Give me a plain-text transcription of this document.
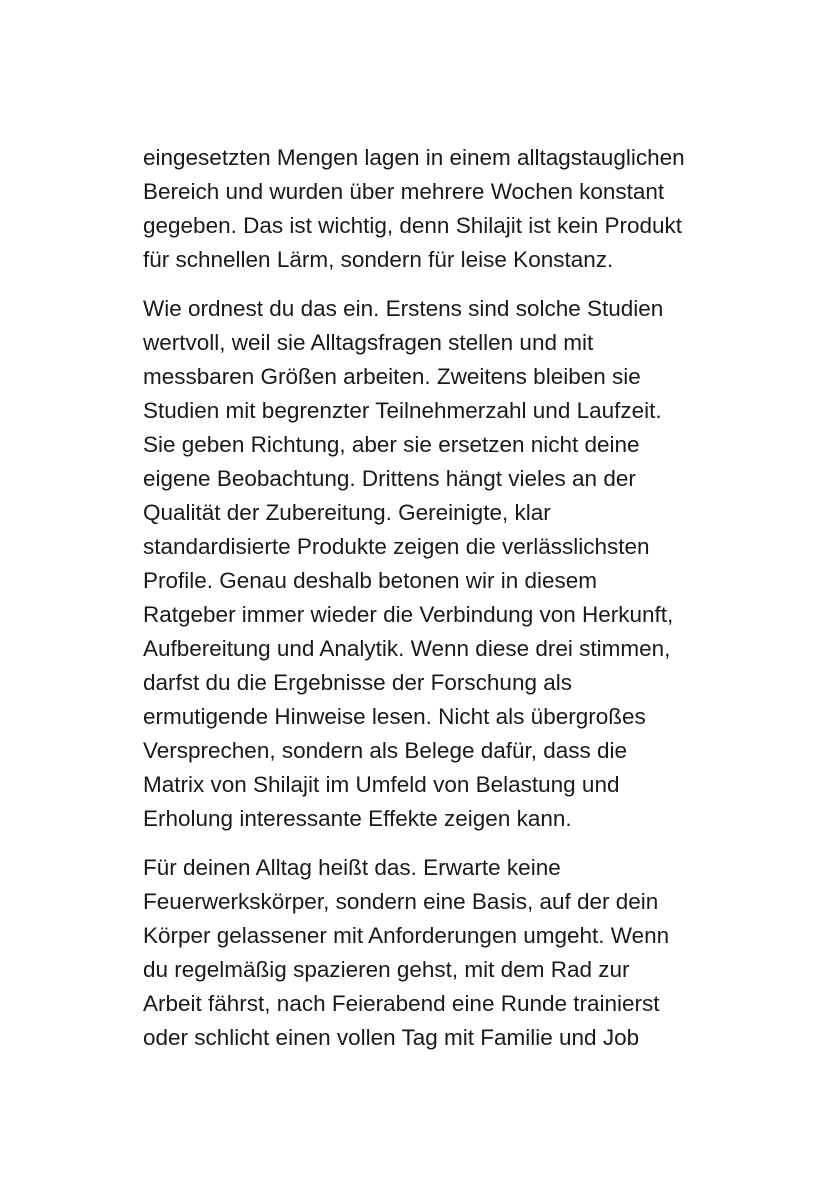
eingesetzten Mengen lagen in einem alltagstauglichen
Bereich und wurden über mehrere Wochen konstant
gegeben. Das ist wichtig, denn Shilajit ist kein Produkt
für schnellen Lärm, sondern für leise Konstanz.
Wie ordnest du das ein. Erstens sind solche Studien
wertvoll, weil sie Alltagsfragen stellen und mit
messbaren Größen arbeiten. Zweitens bleiben sie
Studien mit begrenzter Teilnehmerzahl und Laufzeit.
Sie geben Richtung, aber sie ersetzen nicht deine
eigene Beobachtung. Drittens hängt vieles an der
Qualität der Zubereitung. Gereinigte, klar
standardisierte Produkte zeigen die verlässlichsten
Profile. Genau deshalb betonen wir in diesem
Ratgeber immer wieder die Verbindung von Herkunft,
Aufbereitung und Analytik. Wenn diese drei stimmen,
darfst du die Ergebnisse der Forschung als
ermutigende Hinweise lesen. Nicht als übergroßes
Versprechen, sondern als Belege dafür, dass die
Matrix von Shilajit im Umfeld von Belastung und
Erholung interessante Effekte zeigen kann.
Für deinen Alltag heißt das. Erwarte keine
Feuerwerkskörper, sondern eine Basis, auf der dein
Körper gelassener mit Anforderungen umgeht. Wenn
du regelmäßig spazieren gehst, mit dem Rad zur
Arbeit fährst, nach Feierabend eine Runde trainierst
oder schlicht einen vollen Tag mit Familie und Job
